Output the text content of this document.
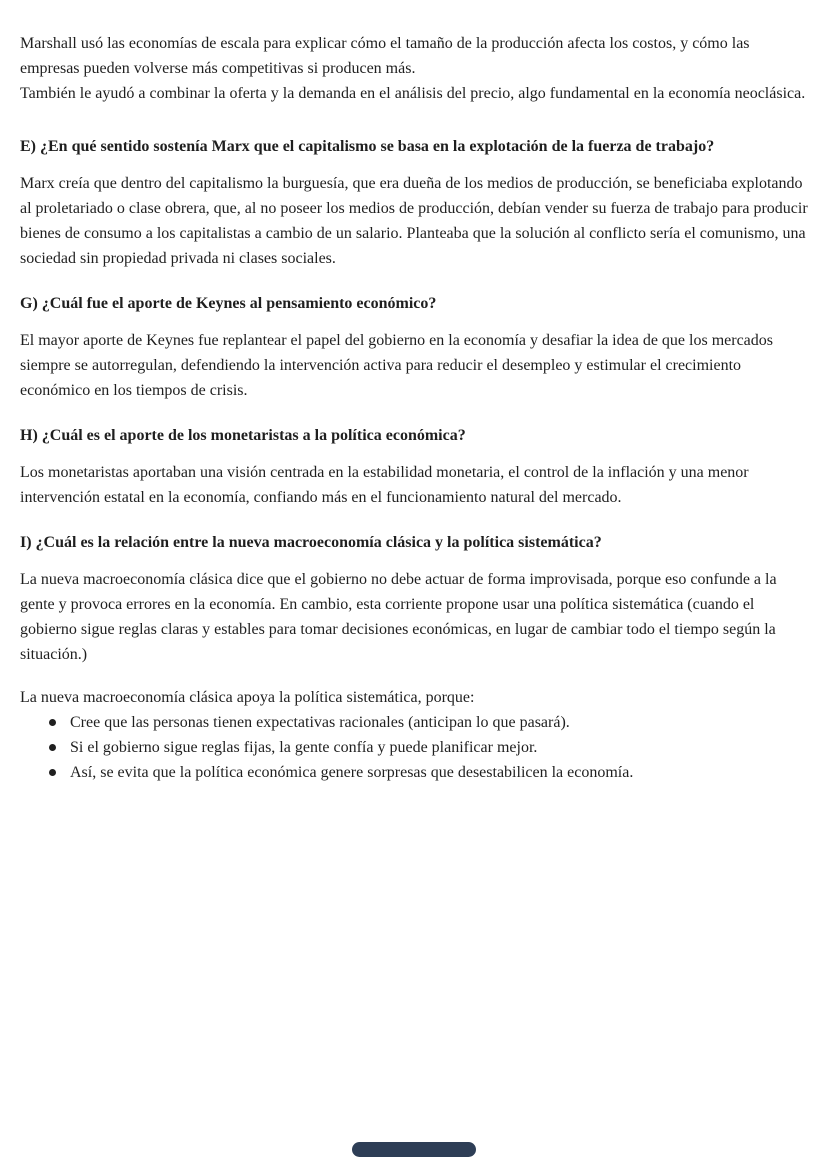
Marshall usó las economías de escala para explicar cómo el tamaño de la producción afecta los costos, y cómo las empresas pueden volverse más competitivas si producen más.

También le ayudó a combinar la oferta y la demanda en el análisis del precio, algo fundamental en la economía neoclásica.

E) ¿En qué sentido sostenía Marx que el capitalismo se basa en la explotación de la fuerza de trabajo?

Marx creía que dentro del capitalismo la burguesía, que era dueña de los medios de producción, se beneficiaba explotando al proletariado o clase obrera, que, al no poseer los medios de producción, debían vender su fuerza de trabajo para producir bienes de consumo a los capitalistas a cambio de un salario. Planteaba que la solución al conflicto sería el comunismo, una sociedad sin propiedad privada ni clases sociales.

G) ¿Cuál fue el aporte de Keynes al pensamiento económico?

El mayor aporte de Keynes fue replantear el papel del gobierno en la economía y desafiar la idea de que los mercados siempre se autorregulan, defendiendo la intervención activa para reducir el desempleo y estimular el crecimiento económico en los tiempos de crisis.

H) ¿Cuál es el aporte de los monetaristas a la política económica?

Los monetaristas aportaban una visión centrada en la estabilidad monetaria, el control de la inflación y una menor intervención estatal en la economía, confiando más en el funcionamiento natural del mercado.

I) ¿Cuál es la relación entre la nueva macroeconomía clásica y la política sistemática?

La nueva macroeconomía clásica dice que el gobierno no debe actuar de forma improvisada, porque eso confunde a la gente y provoca errores en la economía. En cambio, esta corriente propone usar una política sistemática (cuando el gobierno sigue reglas claras y estables para tomar decisiones económicas, en lugar de cambiar todo el tiempo según la situación.)

La nueva macroeconomía clásica apoya la política sistemática, porque:

Cree que las personas tienen expectativas racionales (anticipan lo que pasará).
Si el gobierno sigue reglas fijas, la gente confía y puede planificar mejor.
Así, se evita que la política económica genere sorpresas que desestabilicen la economía.
